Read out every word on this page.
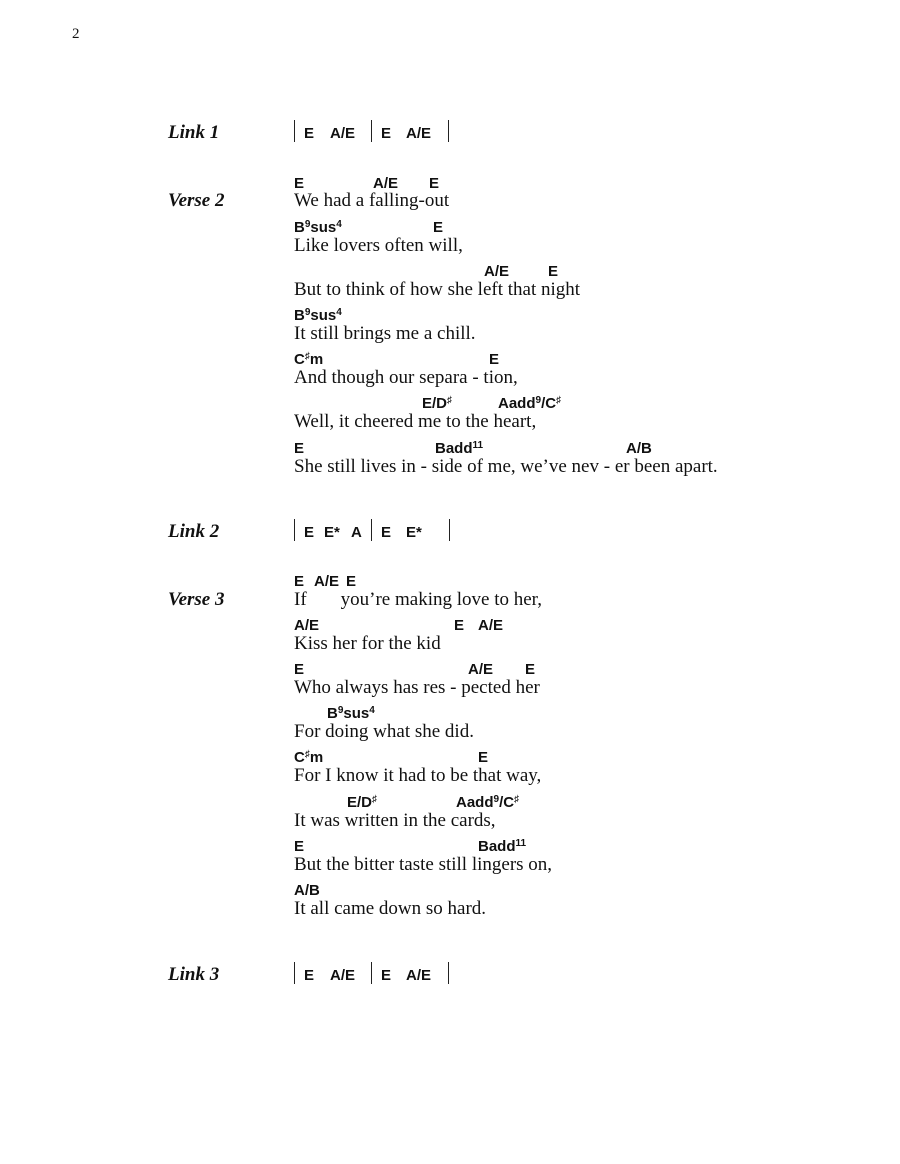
2
Link 1	E A/E E A/E
Verse 2
E	A/E E
We had a falling-out
$B^9sus^4$	E
Like lovers often will,
A/E	E
But to think of how she left that night
$B^9sus^4$
It still brings me a chill.
C♯m	E
And though our separa - tion,
E/D♯	Aadd$^9$/C♯
Well, it cheered me to the heart,
E	Badd$^{11}$	A/B
She still lives in - side of me, we’ve nev - er been apart.
Link 2	E E* A E E*
Verse 3
E A/E E
If you’re making love to her,
A/E	E A/E
Kiss her for the kid
E	A/E E
Who always has res - pected her
$B^9sus^4$
For doing what she did.
C♯m	E
For I know it had to be that way,
E/D♯	Aadd$^9$/C♯
It was written in the cards,
E	Badd$^{11}$
But the bitter taste still lingers on,
A/B
It all came down so hard.
Link 3	E A/E E A/E
